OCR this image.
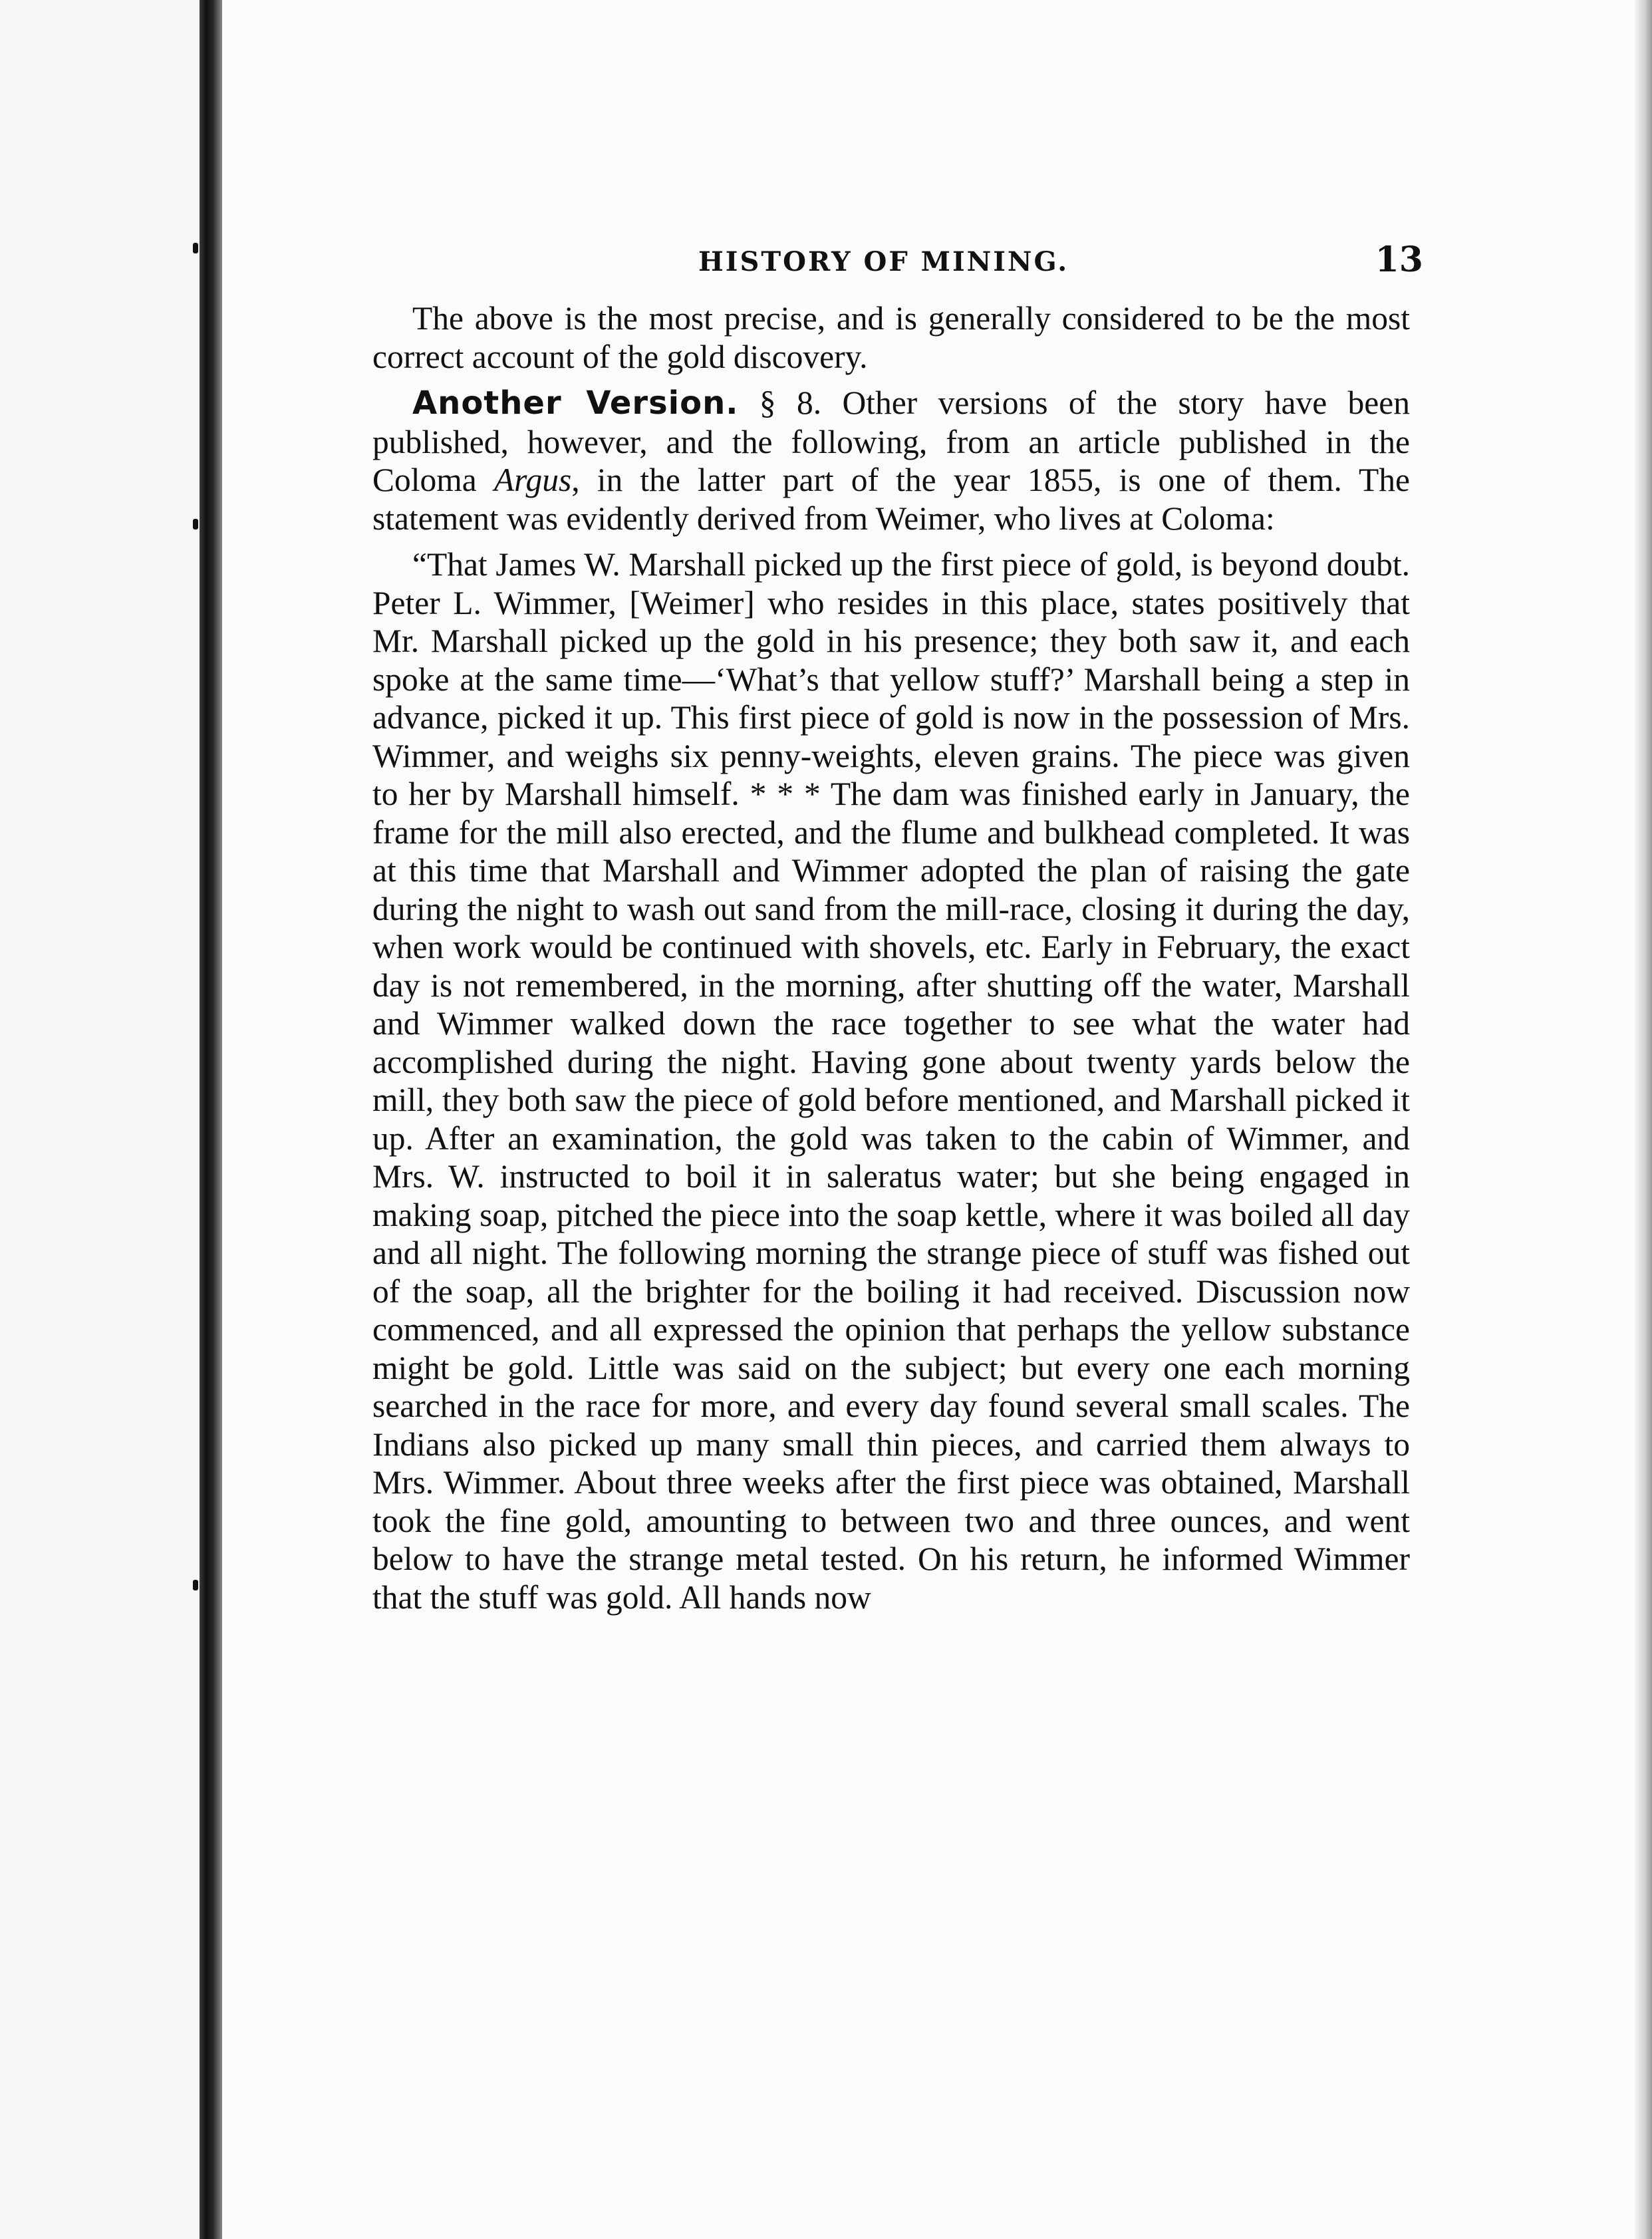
HISTORY OF MINING.	13

The above is the most precise, and is generally considered to be the most correct account of the gold discovery.

Another Version. § 8. Other versions of the story have been published, however, and the following, from an article published in the Coloma Argus, in the latter part of the year 1855, is one of them. The statement was evidently derived from Weimer, who lives at Coloma:

“That James W. Marshall picked up the first piece of gold, is beyond doubt. Peter L. Wimmer, [Weimer] who resides in this place, states positively that Mr. Marshall picked up the gold in his presence; they both saw it, and each spoke at the same time—‘What’s that yellow stuff?’ Marshall being a step in advance, picked it up. This first piece of gold is now in the possession of Mrs. Wimmer, and weighs six penny-weights, eleven grains. The piece was given to her by Marshall himself. * * * The dam was finished early in January, the frame for the mill also erected, and the flume and bulkhead completed. It was at this time that Marshall and Wimmer adopted the plan of raising the gate during the night to wash out sand from the mill-race, closing it during the day, when work would be continued with shovels, etc. Early in February, the exact day is not remembered, in the morning, after shutting off the water, Marshall and Wimmer walked down the race together to see what the water had accomplished during the night. Having gone about twenty yards below the mill, they both saw the piece of gold before mentioned, and Marshall picked it up. After an examination, the gold was taken to the cabin of Wimmer, and Mrs. W. instructed to boil it in saleratus water; but she being engaged in making soap, pitched the piece into the soap kettle, where it was boiled all day and all night. The following morning the strange piece of stuff was fished out of the soap, all the brighter for the boiling it had received. Discussion now commenced, and all expressed the opinion that perhaps the yellow substance might be gold. Little was said on the subject; but every one each morning searched in the race for more, and every day found several small scales. The Indians also picked up many small thin pieces, and carried them always to Mrs. Wimmer. About three weeks after the first piece was obtained, Marshall took the fine gold, amounting to between two and three ounces, and went below to have the strange metal tested. On his return, he informed Wimmer that the stuff was gold. All hands now
